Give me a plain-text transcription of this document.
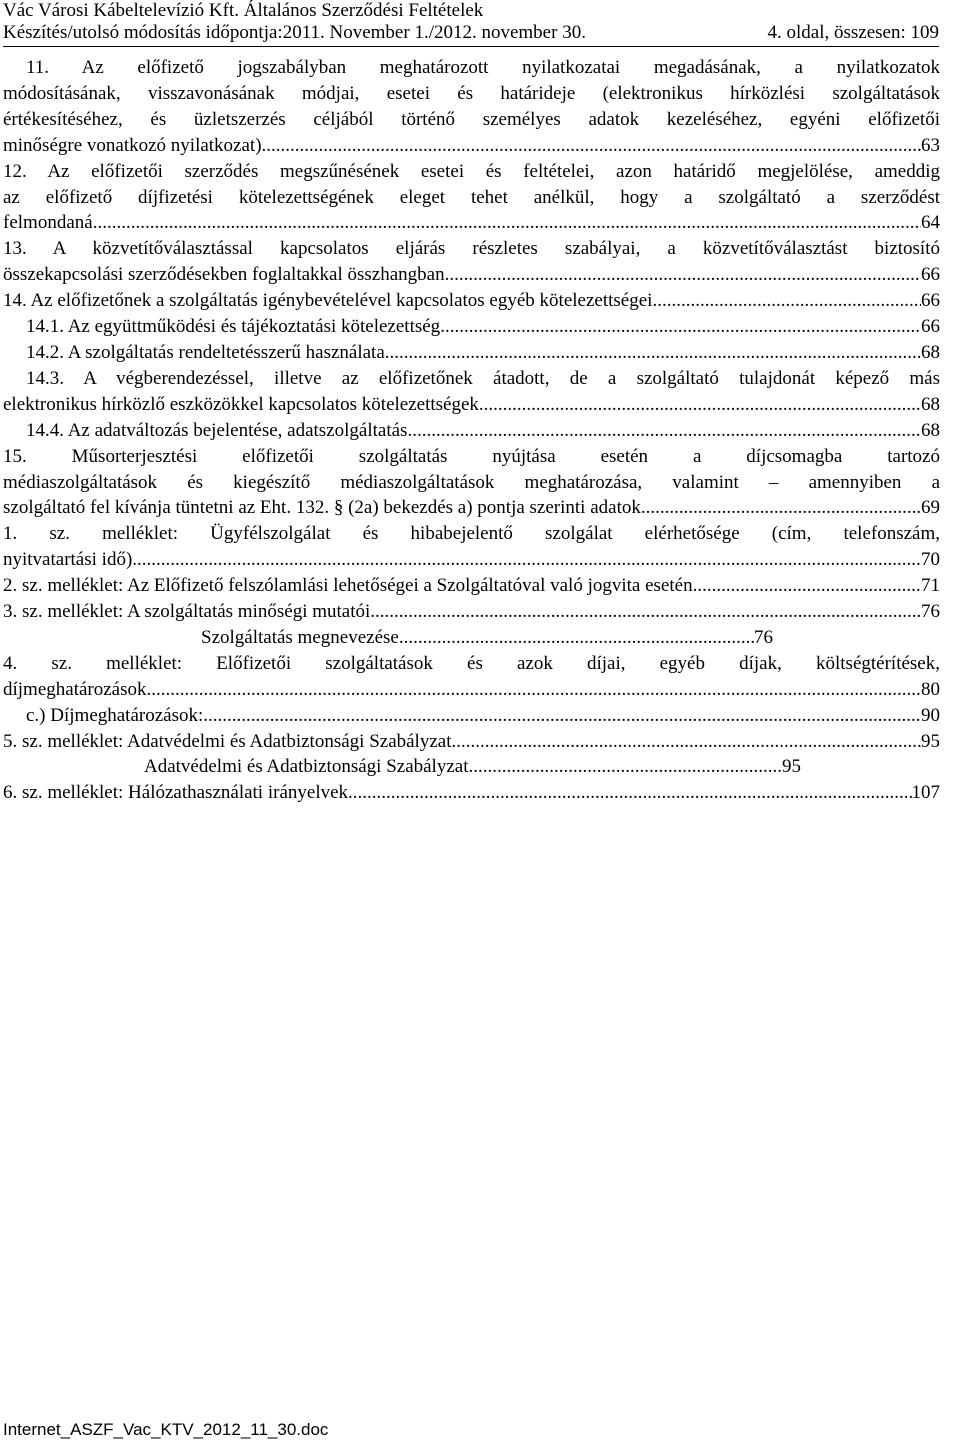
Vác Városi Kábeltelevízió Kft. Általános Szerződési Feltételek
Készítés/utolsó módosítás időpontja:2011. November 1./2012. november 30.	4. oldal, összesen: 109
11. Az előfizető jogszabályban meghatározott nyilatkozatai megadásának, a nyilatkozatok
módosításának, visszavonásának módjai, esetei és határideje (elektronikus hírközlési szolgáltatások
értékesítéséhez, és üzletszerzés céljából történő személyes adatok kezeléséhez, egyéni előfizetői
minőségre vonatkozó nyilatkozat) .....	63
12. Az előfizetői szerződés megszűnésének esetei és feltételei, azon határidő megjelölése, ameddig
az előfizető díjfizetési kötelezettségének eleget tehet anélkül, hogy a szolgáltató a szerződést
felmondaná .....	64
13. A közvetítőválasztással kapcsolatos eljárás részletes szabályai, a közvetítőválasztást biztosító
összekapcsolási szerződésekben foglaltakkal összhangban .....	66
14. Az előfizetőnek a szolgáltatás igénybevételével kapcsolatos egyéb kötelezettségei .....	66
14.1. Az együttműködési és tájékoztatási kötelezettség .....	66
14.2. A szolgáltatás rendeltetésszerű használata .....	68
14.3. A végberendezéssel, illetve az előfizetőnek átadott, de a szolgáltató tulajdonát képező más
elektronikus hírközlő eszközökkel kapcsolatos kötelezettségek .....	68
14.4. Az adatváltozás bejelentése, adatszolgáltatás .....	68
15. Műsorterjesztési előfizetői szolgáltatás nyújtása esetén a díjcsomagba tartozó
médiaszolgáltatások és kiegészítő médiaszolgáltatások meghatározása, valamint – amennyiben a
szolgáltató fel kívánja tüntetni az Eht. 132. § (2a) bekezdés a) pontja szerinti adatok .....	69
1. sz. melléklet: Ügyfélszolgálat és hibabejelentő szolgálat elérhetősége (cím, telefonszám,
nyitvatartási idő) .....	70
2. sz. melléklet: Az Előfizető felszólamlási lehetőségei a Szolgáltatóval való jogvita esetén .....	71
3. sz. melléklet: A szolgáltatás minőségi mutatói .....	76
Szolgáltatás megnevezése .....	76
4. sz. melléklet: Előfizetői szolgáltatások és azok díjai, egyéb díjak, költségtérítések,
díjmeghatározások .....	80
c.) Díjmeghatározások: .....	90
5. sz. melléklet: Adatvédelmi és Adatbiztonsági Szabályzat .....	95
Adatvédelmi és Adatbiztonsági Szabályzat .....	95
6. sz. melléklet: Hálózathasználati irányelvek .....	107
Internet_ASZF_Vac_KTV_2012_11_30.doc
